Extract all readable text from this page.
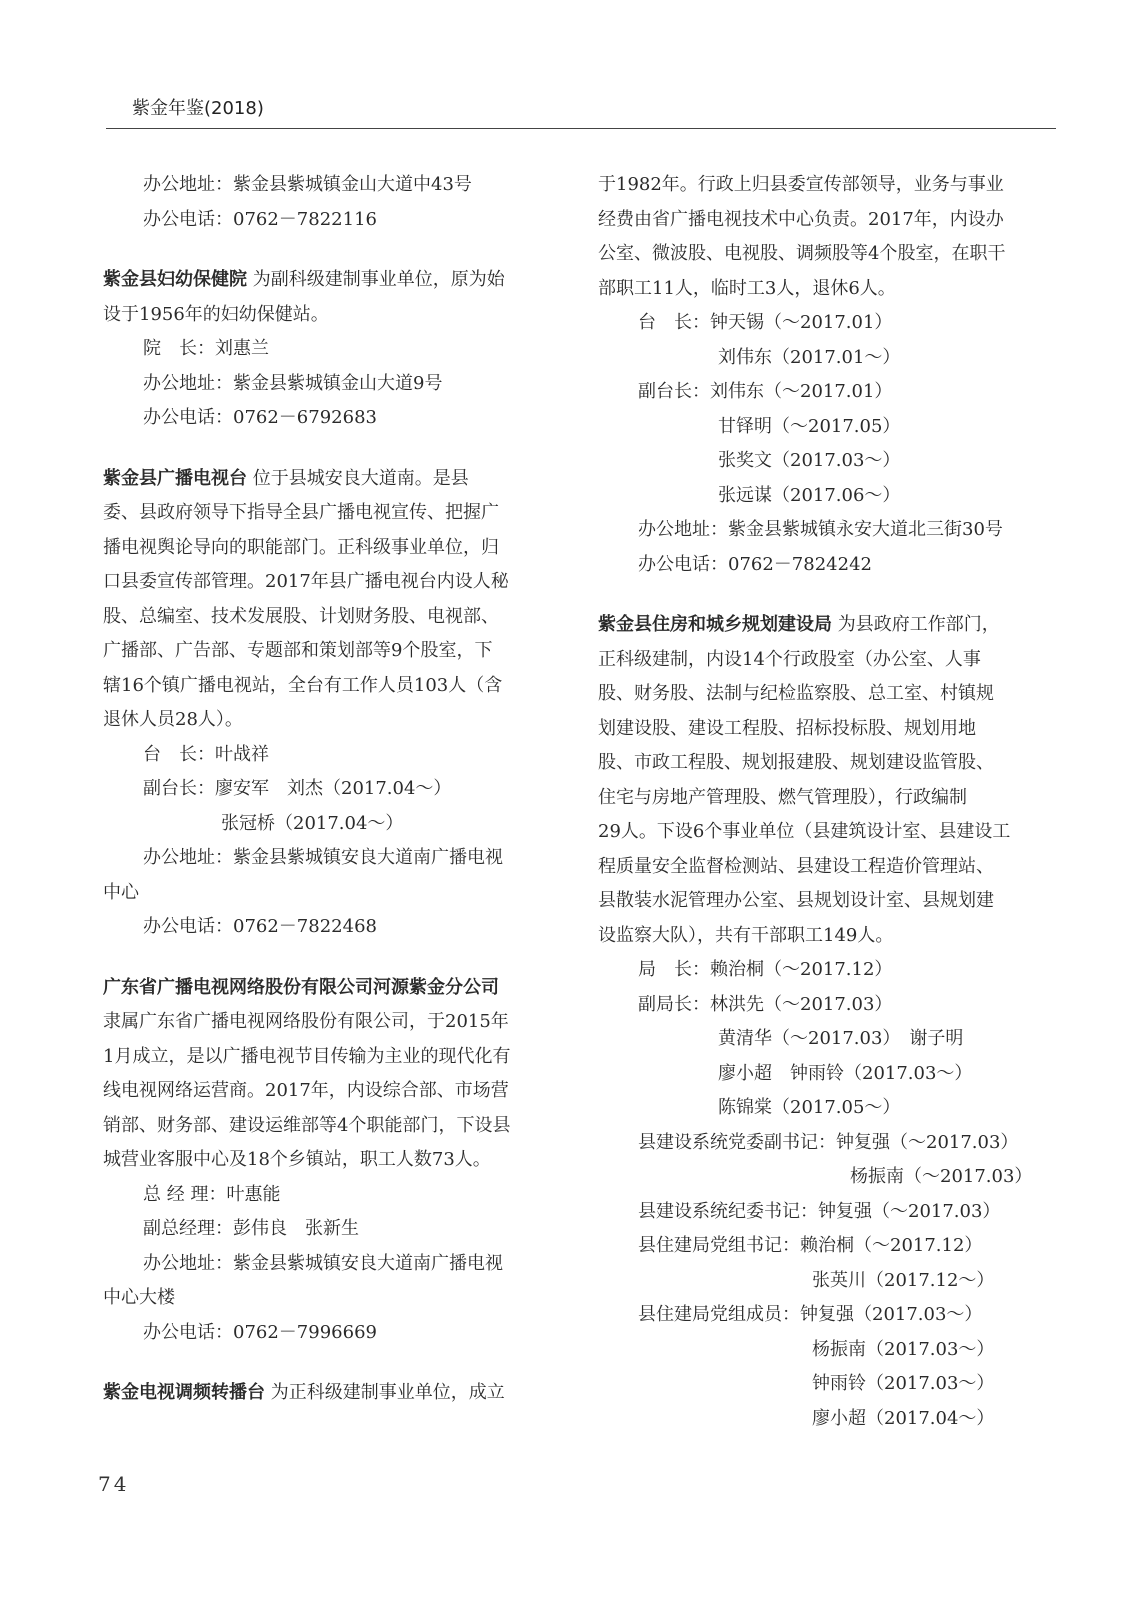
紫金年鉴(2018)
办公地址：紫金县紫城镇金山大道中43号
办公电话：0762－7822116
紫金县妇幼保健院 为副科级建制事业单位，原为始
设于1956年的妇幼保健站。
院　长：刘惠兰
办公地址：紫金县紫城镇金山大道9号
办公电话：0762－6792683
紫金县广播电视台 位于县城安良大道南。是县
委、县政府领导下指导全县广播电视宣传、把握广
播电视舆论导向的职能部门。正科级事业单位，归
口县委宣传部管理。2017年县广播电视台内设人秘
股、总编室、技术发展股、计划财务股、电视部、
广播部、广告部、专题部和策划部等9个股室，下
辖16个镇广播电视站，全台有工作人员103人（含
退休人员28人）。
台　长：叶战祥
副台长：廖安军　刘杰（2017.04～）
张冠桥（2017.04～）
办公地址：紫金县紫城镇安良大道南广播电视
中心
办公电话：0762－7822468
广东省广播电视网络股份有限公司河源紫金分公司
隶属广东省广播电视网络股份有限公司，于2015年
1月成立，是以广播电视节目传输为主业的现代化有
线电视网络运营商。2017年，内设综合部、市场营
销部、财务部、建设运维部等4个职能部门，下设县
城营业客服中心及18个乡镇站，职工人数73人。
总 经 理：叶惠能
副总经理：彭伟良　张新生
办公地址：紫金县紫城镇安良大道南广播电视
中心大楼
办公电话：0762－7996669
紫金电视调频转播台 为正科级建制事业单位，成立
于1982年。行政上归县委宣传部领导，业务与事业
经费由省广播电视技术中心负责。2017年，内设办
公室、微波股、电视股、调频股等4个股室，在职干
部职工11人，临时工3人，退休6人。
台　长：钟天锡（～2017.01）
刘伟东（2017.01～）
副台长：刘伟东（～2017.01）
甘铎明（～2017.05）
张奖文（2017.03～）
张远谋（2017.06～）
办公地址：紫金县紫城镇永安大道北三街30号
办公电话：0762－7824242
紫金县住房和城乡规划建设局 为县政府工作部门，
正科级建制，内设14个行政股室（办公室、人事
股、财务股、法制与纪检监察股、总工室、村镇规
划建设股、建设工程股、招标投标股、规划用地
股、市政工程股、规划报建股、规划建设监管股、
住宅与房地产管理股、燃气管理股），行政编制
29人。下设6个事业单位（县建筑设计室、县建设工
程质量安全监督检测站、县建设工程造价管理站、
县散装水泥管理办公室、县规划设计室、县规划建
设监察大队），共有干部职工149人。
局　长：赖治桐（～2017.12）
副局长：林洪先（～2017.03）
黄清华（～2017.03）　谢子明
廖小超　钟雨铃（2017.03～）
陈锦棠（2017.05～）
县建设系统党委副书记：钟复强（～2017.03）
杨振南（～2017.03）
县建设系统纪委书记：钟复强（～2017.03）
县住建局党组书记：赖治桐（～2017.12）
张英川（2017.12～）
县住建局党组成员：钟复强（2017.03～）
杨振南（2017.03～）
钟雨铃（2017.03～）
廖小超（2017.04～）
74
